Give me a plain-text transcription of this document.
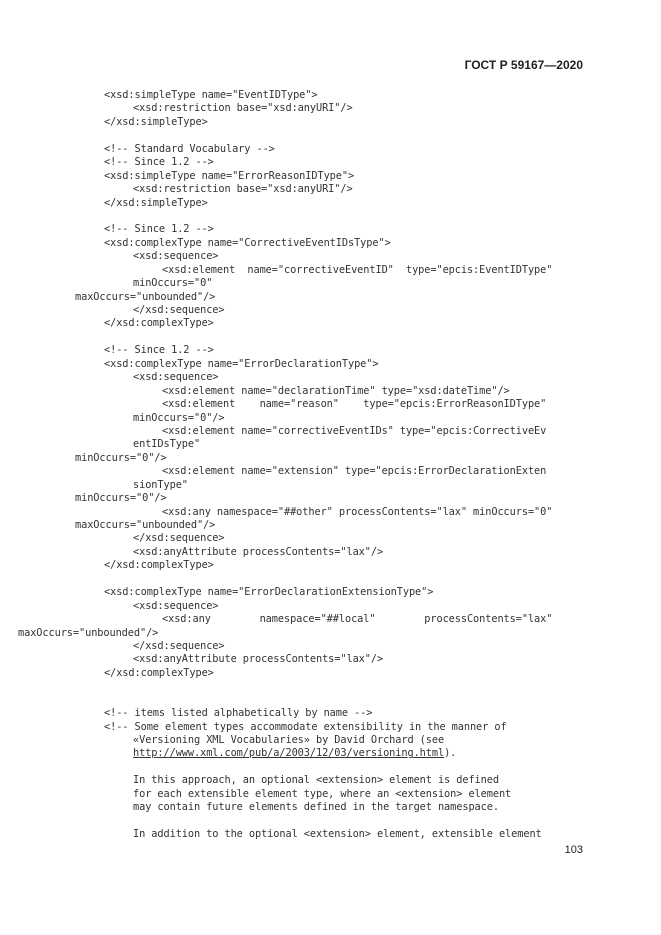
ГОСТ Р 59167—2020
<xsd:simpleType name="EventIDType">
<xsd:restriction base="xsd:anyURI"/>
</xsd:simpleType>
<!-- Standard Vocabulary -->
<!-- Since 1.2 -->
<xsd:simpleType name="ErrorReasonIDType">
<xsd:restriction base="xsd:anyURI"/>
</xsd:simpleType>
<!-- Since 1.2 -->
<xsd:complexType name="CorrectiveEventIDsType">
<xsd:sequence>
<xsd:element  name="correctiveEventID"  type="epcis:EventIDType"
minOccurs="0"
maxOccurs="unbounded"/>
</xsd:sequence>
</xsd:complexType>
<!-- Since 1.2 -->
<xsd:complexType name="ErrorDeclarationType">
<xsd:sequence>
<xsd:element name="declarationTime" type="xsd:dateTime"/>
<xsd:element    name="reason"    type="epcis:ErrorReasonIDType"
minOccurs="0"/>
<xsd:element name="correctiveEventIDs" type="epcis:CorrectiveEv
entIDsType"
minOccurs="0"/>
<xsd:element name="extension" type="epcis:ErrorDeclarationExten
sionType"
minOccurs="0"/>
<xsd:any namespace="##other" processContents="lax" minOccurs="0"
maxOccurs="unbounded"/>
</xsd:sequence>
<xsd:anyAttribute processContents="lax"/>
</xsd:complexType>
<xsd:complexType name="ErrorDeclarationExtensionType">
<xsd:sequence>
<xsd:any        namespace="##local"        processContents="lax"
maxOccurs="unbounded"/>
</xsd:sequence>
<xsd:anyAttribute processContents="lax"/>
</xsd:complexType>
<!-- items listed alphabetically by name -->
<!-- Some element types accommodate extensibility in the manner of
«Versioning XML Vocabularies» by David Orchard (see
http://www.xml.com/pub/a/2003/12/03/versioning.html).
In this approach, an optional <extension> element is defined
for each extensible element type, where an <extension> element
may contain future elements defined in the target namespace.
In addition to the optional <extension> element, extensible element
103
